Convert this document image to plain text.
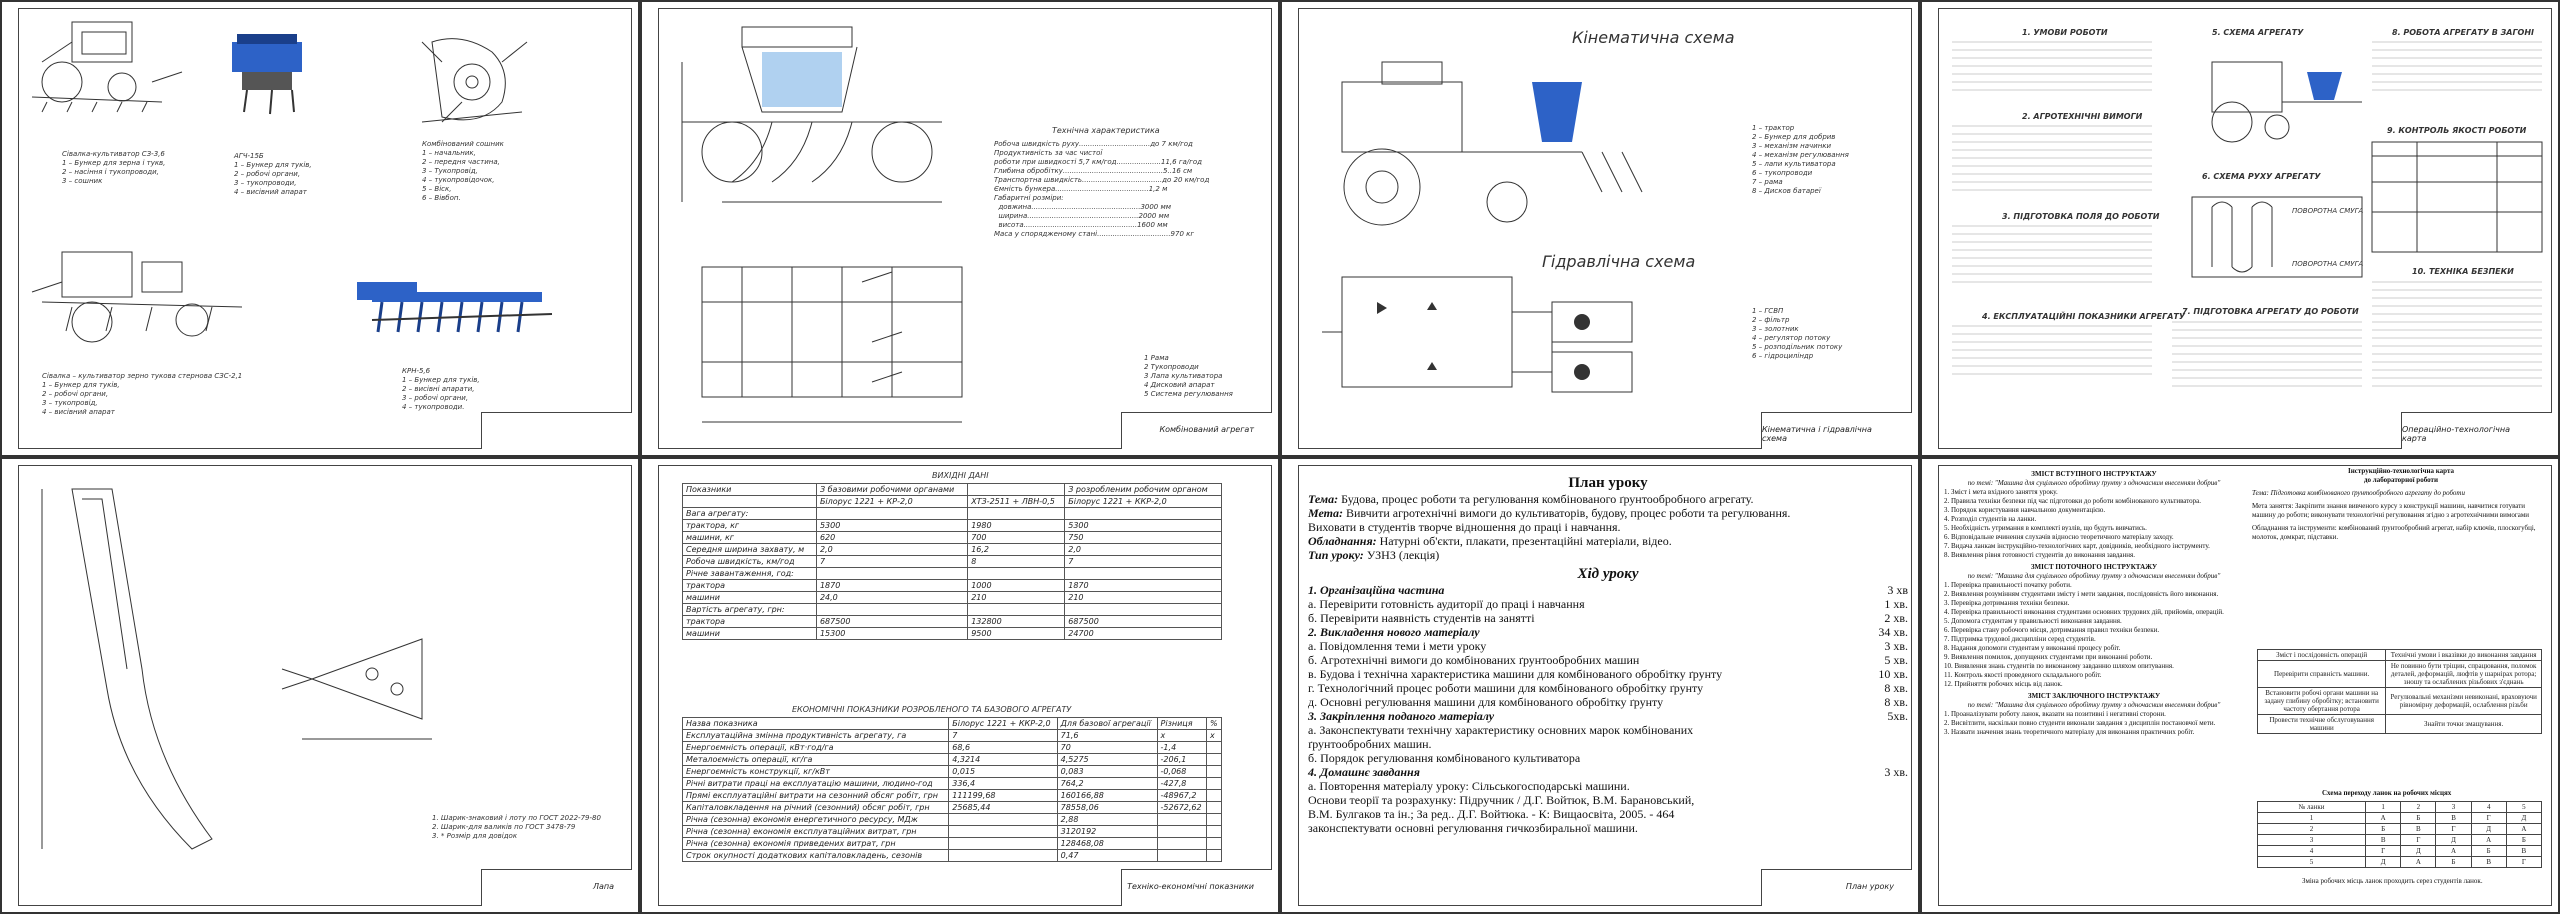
Сівалка-культиватор СЗ-3,6
1 – Бункер для зерна і тукв,
2 – насіння і тукопроводи,
3 – сошник
АГЧ-15Б
1 – Бункер для туків,
2 – робочі органи,
3 – тукопроводи,
4 – висівний апарат
Комбінований сошник
1 – начальник,
2 – передня частина,
3 – Тукопровід,
4 – тукопровідочок,
5 – Віск,
6 – Вівбоп.
Сівалка – культиватор зерно тукова стернова СЗС-2,1
1 – Бункер для туків,
2 – робочі органи,
3 – тукопровід,
4 – висівний апарат
КРН-5,6
1 – Бункер для туків,
2 – висівні апарати,
3 – робочі органи,
4 – тукопроводи.
Технічна характеристика
Робоча швидкість руху................................до 7 км/год
Продуктивність за час чистої
роботи при швидкості 5,7 км/год....................11,6 га/год
Глибина обробітку.............................................5..16 см
Транспортна швидкість....................................до 20 км/год
Ємність бункера..........................................1,2 м
Габаритні розміри:
довжина.................................................3000 мм
ширина..................................................2000 мм
висота...................................................1600 мм
Маса у спорядженому стані.................................970 кг
1 Рама
2 Тукопроводи
3 Лапа культиватора
4 Дисковий апарат
5 Система регулювання
Комбінований агрегат
Кінематична схема
Гідравлічна схема
1 – трактор
2 – Бункер для добрив
3 – механізм начинки
4 – механізм регулювання
5 – лапи культиватора
6 – тукопроводи
7 – рама
8 – Дисков батареї
1 – ГСВП
2 – фільтр
3 – золотник
4 – регулятор потоку
5 – розподільник потоку
6 – гідроциліндр
Кінематична і гідравлічна схема
1. УМОВИ РОБОТИ
2. АГРОТЕХНІЧНІ ВИМОГИ
3. ПІДГОТОВКА ПОЛЯ ДО РОБОТИ
4. ЕКСПЛУАТАЦІЙНІ ПОКАЗНИКИ АГРЕГАТУ
5. СХЕМА АГРЕГАТУ
6. СХЕМА РУХУ АГРЕГАТУ
7. ПІДГОТОВКА АГРЕГАТУ ДО РОБОТИ
8. РОБОТА АГРЕГАТУ В ЗАГОНІ
9. КОНТРОЛЬ ЯКОСТІ РОБОТИ
10. ТЕХНІКА БЕЗПЕКИ
ПОВОРОТНА СМУГА
ПОВОРОТНА СМУГА
Операційно-технологічна карта
1. Шарик-знаковий і лоту по ГОСТ 2022-79-80
2. Шарик-для валиків по ГОСТ 3478-79
3. * Розмір для довідок
Лапа
ВИХІДНІ ДАНІ
Показники	З базовими робочими органами		З розробленим робочим органом
	Білорус 1221 + КР-2,0	ХТЗ-2511 + ЛВН-0,5	Білорус 1221 + ККР-2,0
Вага агрегату:			
трактора, кг	5300	1980	5300
машини, кг	620	700	750
Середня ширина захвату, м	2,0	16,2	2,0
Робоча швидкість, км/год	7	8	7
Річне завантаження, год:			
трактора	1870	1000	1870
машини	24,0	210	210
Вартість агрегату, грн:			
трактора	687500	132800	687500
машини	15300	9500	24700
ЕКОНОМІЧНІ ПОКАЗНИКИ РОЗРОБЛЕНОГО ТА БАЗОВОГО АГРЕГАТУ
Назва показника	Білорус 1221 + ККР-2,0	Для базової агрегації	Різниця	%
Експлуатаційна змінна продуктивність агрегату, га	7	71,6	х	х
Енергоємність операції, кВт·год/га	68,6	70	-1,4	
Металоємність операції, кг/га	4,3214	4,5275	-206,1	
Енергоємність конструкції, кг/кВт	0,015	0,083	-0,068	
Річні витрати праці на експлуатацію машини, людино-год	336,4	764,2	-427,8	
Прямі експлуатаційні витрати на сезонний обсяг робіт, грн	111199,68	160166,88	-48967,2	
Капіталовкладення на річний (сезонний) обсяг робіт, грн	25685,44	78558,06	-52672,62	
Річна (сезонна) економія енергетичного ресурсу, МДж		2,88		
Річна (сезонна) економія експлуатаційних витрат, грн		3120192		
Річна (сезонна) економія приведених витрат, грн		128468,08		
Строк окупності додаткових капіталовкладень, сезонів		0,47		
Техніко-економічні показники
План уроку
Тема: Будова, процес роботи та регулювання комбінованого ґрунтообробного агрегату.
Мета: Вивчити агротехнічні вимоги до культиваторів, будову, процес роботи та регулювання.
Виховати в студентів творче відношення до праці і навчання.
Обладнання: Натурні об'єкти, плакати, презентаційні матеріали, відео.
Тип уроку: УЗНЗ (лекція)
Хід уроку
1. Організаційна частина	3 хв
а. Перевірити готовність аудиторії до праці і навчання	1 хв.
б. Перевірити наявність студентів на занятті	2 хв.
2. Викладення нового матеріалу	34 хв.
а. Повідомлення теми і мети уроку	3 хв.
б. Агротехнічні вимоги до комбінованих ґрунтообробних машин	5 хв.
в. Будова і технічна характеристика машини для комбінованого обробітку ґрунту	10 хв.
г. Технологічний процес роботи машини для комбінованого обробітку ґрунту	8 хв.
д. Основні регулювання машини для комбінованого обробітку ґрунту	8 хв.
3. Закріплення поданого матеріалу	5хв.
а. Законспектувати технічну характеристику основних марок комбінованих
ґрунтообробних машин.
б. Порядок регулювання комбінованого культиватора
4. Домашнє завдання	3 хв.
а. Повторення матеріалу уроку: Сільськогосподарські машини.
Основи теорії та розрахунку: Підручник / Д.Г. Войтюк, В.М. Барановський,
В.М. Булгаков та ін.; За ред.. Д.Г. Войтюка. - К: Вищаосвіта, 2005. - 464
законспектувати основні регулювання гичкозбиральної машини.
План уроку
ЗМІСТ ВСТУПНОГО ІНСТРУКТАЖУ
по темі: "Машина для суцільного обробітку ґрунту з одночасним внесенням добрив"
1. Зміст і мета вхідного заняття уроку.
2. Правила техніки безпеки під час підготовки до роботи комбінованого культиватора.
3. Порядок користування навчальною документацією.
4. Розподіл студентів на ланки.
5. Необхідність утримання в комплекті вузлів, що будуть вивчатись.
6. Відповідальне вчинення слухачів відносно теоретичного матеріалу заходу.
7. Видача ланкам інструкційно-технологічних карт, довідників, необхідного інструменту.
8. Виявлення рівня готовності студентів до виконання завдання.
ЗМІСТ ПОТОЧНОГО ІНСТРУКТАЖУ
по темі: "Машина для суцільного обробітку ґрунту з одночасним внесенням добрив"
1. Перевірка правильності початку роботи.
2. Виявлення розумінням студентами змісту і мети завдання, послідовність його виконання.
3. Перевірка дотримання техніки безпеки.
4. Перевірка правильності виконання студентами основних трудових дій, прийомів, операцій.
5. Допомога студентам у правильності виконання завдання.
6. Перевірка стану робочого місця, дотримання правил техніки безпеки.
7. Підтримка трудової дисципліни серед студентів.
8. Надання допомоги студентам у виконанні процесу робіт.
9. Виявлення помилок, допущених студентами при виконанні роботи.
10. Виявлення знань студентів по виконаному завданню шляхом опитування.
11. Контроль якості проведеного складального робіт.
12. Прийняття робочих місць від ланок.
ЗМІСТ ЗАКЛЮЧНОГО ІНСТРУКТАЖУ
по темі: "Машина для суцільного обробітку ґрунту з одночасним внесенням добрив"
1. Проаналізувати роботу ланок, вказати на позитивні і негативні сторони.
2. Висвітлити, наскільки повно студенти виконали завдання з дисциплін постановчої мети.
3. Назвати значення знань теоретичного матеріалу для виконання практичних робіт.
Інструкційно-технологічна карта
до лабораторної роботи
Тема: Підготовка комбінованого ґрунтообробного агрегату до роботи
Мета заняття: Закріпити знання вивченого курсу з конструкції машини, навчитися готувати машину до роботи; виконувати технологічні регулювання згідно з агротехнічними вимогами
Обладнання та інструменти: комбінований ґрунтообробний агрегат, набір ключів, плоскогубці, молоток, домкрат, підставки.
Зміст і послідовність операцій	Технічні умови і вказівки до виконання завдання
Перевірити справність машини.	Не повинно бути тріщин, спрацювання, поломок деталей, деформацій, люфтів у шарнірах ротора; зношу та ослаблених різьбових з'єднань
Встановити робочі органи машини на задану глибину обробітку; встановити частоту обертання ротора	Регулювальні механізми невиконані, враховуючи рівномірну деформацій, ослаблення різьби
Провести технічне обслуговування машини	Знайти точки змащування.
Схема переходу ланок на робочих місцях
№ ланки	1	2	3	4	5
1	А	Б	В	Г	Д
2	Б	В	Г	Д	А
3	В	Г	Д	А	Б
4	Г	Д	А	Б	В
5	Д	А	Б	В	Г
Зміна робочих місць ланок проходить серез студентів ланок.
